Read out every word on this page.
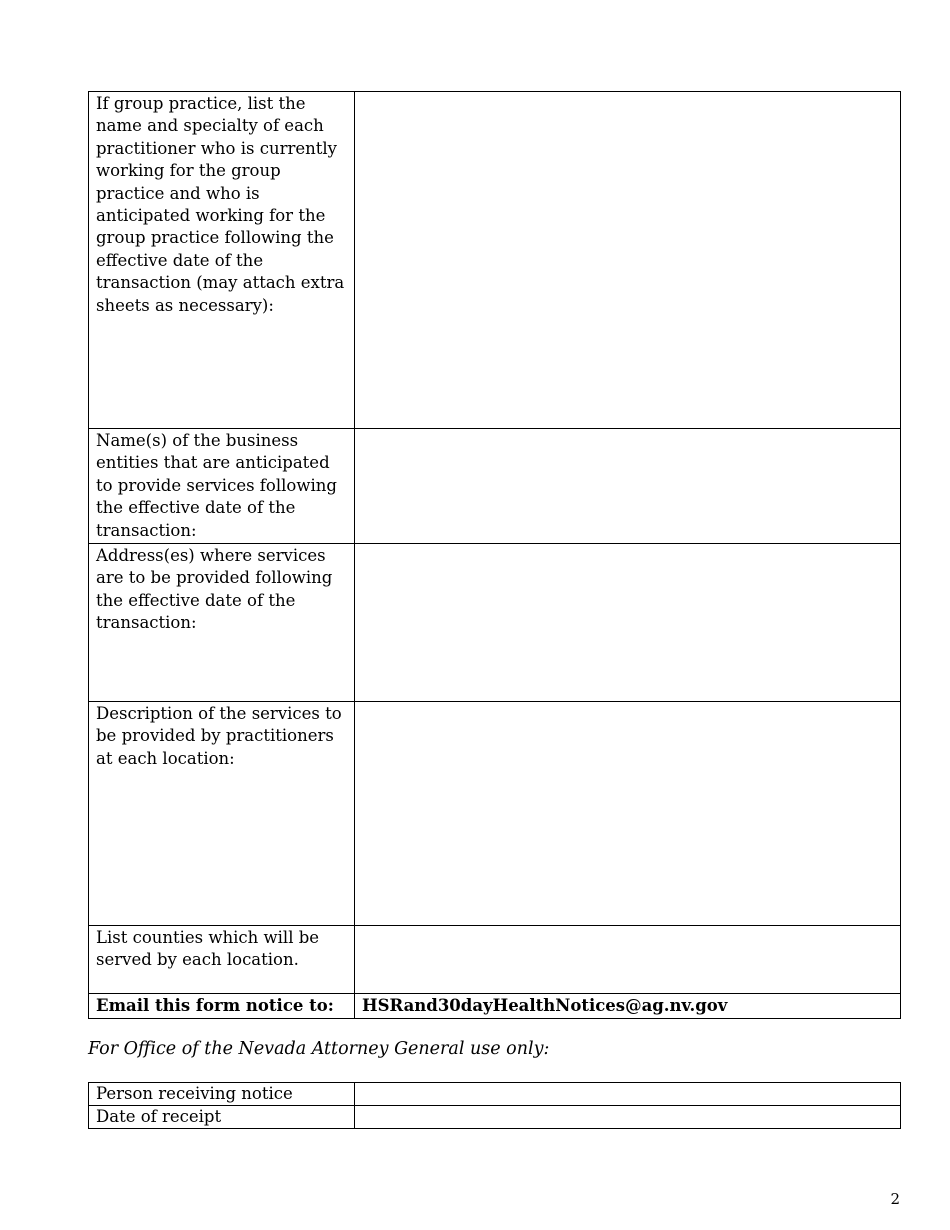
If group practice, list the name and specialty of each practitioner who is currently working for the group practice and who is anticipated working for the group practice following the effective date of the transaction (may attach extra sheets as necessary):	
Name(s) of the business entities that are anticipated to provide services following the effective date of the transaction:	
Address(es) where services are to be provided following the effective date of the transaction:	
Description of the services to be provided by practitioners at each location:	
List counties which will be served by each location.	
Email this form notice to:	HSRand30dayHealthNotices@ag.nv.gov
For Office of the Nevada Attorney General use only:
Person receiving notice	
Date of receipt	
2
